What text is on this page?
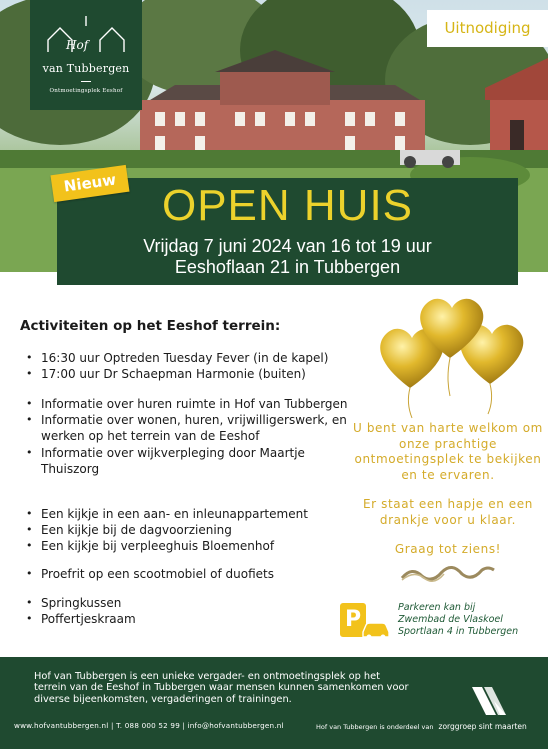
Hof
van Tubbergen
Ontmoetingsplek Eeshof
Uitnodiging
OPEN HUIS
Vrijdag 7 juni 2024 van 16 tot 19 uur
Eeshoflaan 21 in Tubbergen
Nieuw
Activiteiten op het Eeshof terrein:
• 16:30 uur Optreden Tuesday Fever (in de kapel)
• 17:00 uur Dr Schaepman Harmonie (buiten)
• Informatie over huren ruimte in Hof van Tubbergen
• Informatie over wonen, huren, vrijwilligerswerk, en werken op het terrein van de Eeshof
• Informatie over wijkverpleging door Maartje Thuiszorg
• Een kijkje in een aan- en inleunappartement
• Een kijkje bij de dagvoorziening
• Een kijkje bij verpleeghuis Bloemenhof
• Proefrit op een scootmobiel of duofiets
• Springkussen
• Poffertjeskraam

U bent van harte welkom om onze prachtige ontmoetingsplek te bekijken en te ervaren.

Er staat een hapje en een drankje voor u klaar.

Graag tot ziens!

P	Parkeren kan bij
Zwembad de Vlaskoel
Sportlaan 4 in Tubbergen
Hof van Tubbergen is een unieke vergader- en ontmoetingsplek op het terrein van de Eeshof in Tubbergen waar mensen kunnen samenkomen voor diverse bijeenkomsten, vergaderingen of trainingen.
www.hofvantubbergen.nl | T. 088 000 52 99 | info@hofvantubbergen.nl	Hof van Tubbergen is onderdeel van zorggroep sint maarten
